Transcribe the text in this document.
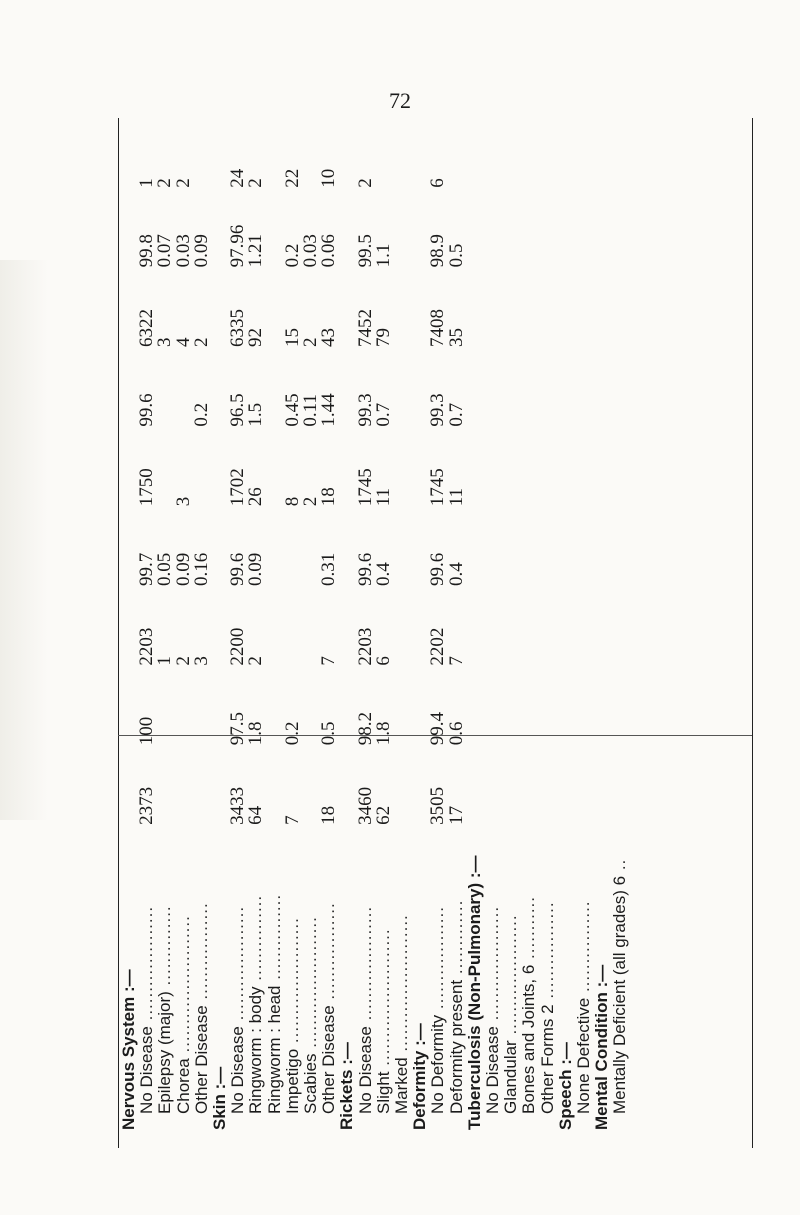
72
Nervous System :—									
No Disease ....................	2373	100	2203	99.7	1750	99.6	6322	99.8	1
Epilepsy (major) ..............			1	0.05			3	0.07	2
Chorea ........................			2	0.09	3		4	0.03	2
Other Disease .................			3	0.16		0.2	2	0.09	
Skin :—									
No Disease ....................	3433	97.5	2200	99.6	1702	96.5	6335	97.96	24
Ringworm : body ...............	64	1.8	2	0.09	26	1.5	92	1.21	2
Ringworm : head ...............									
Impetigo ......................	7	0.2			8	0.45	15	0.2	22
Scabies .......................					2	0.11	2	0.03	
Other Disease .................	18	0.5	7	0.31	18	1.44	43	0.06	10
Rickets :—									
No Disease ....................	3460	98.2	2203	99.6	1745	99.3	7452	99.5	2
Slight ........................	62	1.8	6	0.4	11	0.7	79	1.1	
Marked ........................									
Deformity :—									
No Deformity ..................	3505	99.4	2202	99.6	1745	99.3	7408	98.9	6
Deformity present .............	17	0.6	7	0.4	11	0.7	35	0.5	
Tuberculosis (Non-Pulmonary) :—									
No Disease ....................									
Glandular .....................									
Bones and Joints, 6 ...........									
Other Forms 2 .................									
Speech :—									
None Defective ................									
Mental Condition :—									
Mentally Deficient (all grades) 6 ..									
